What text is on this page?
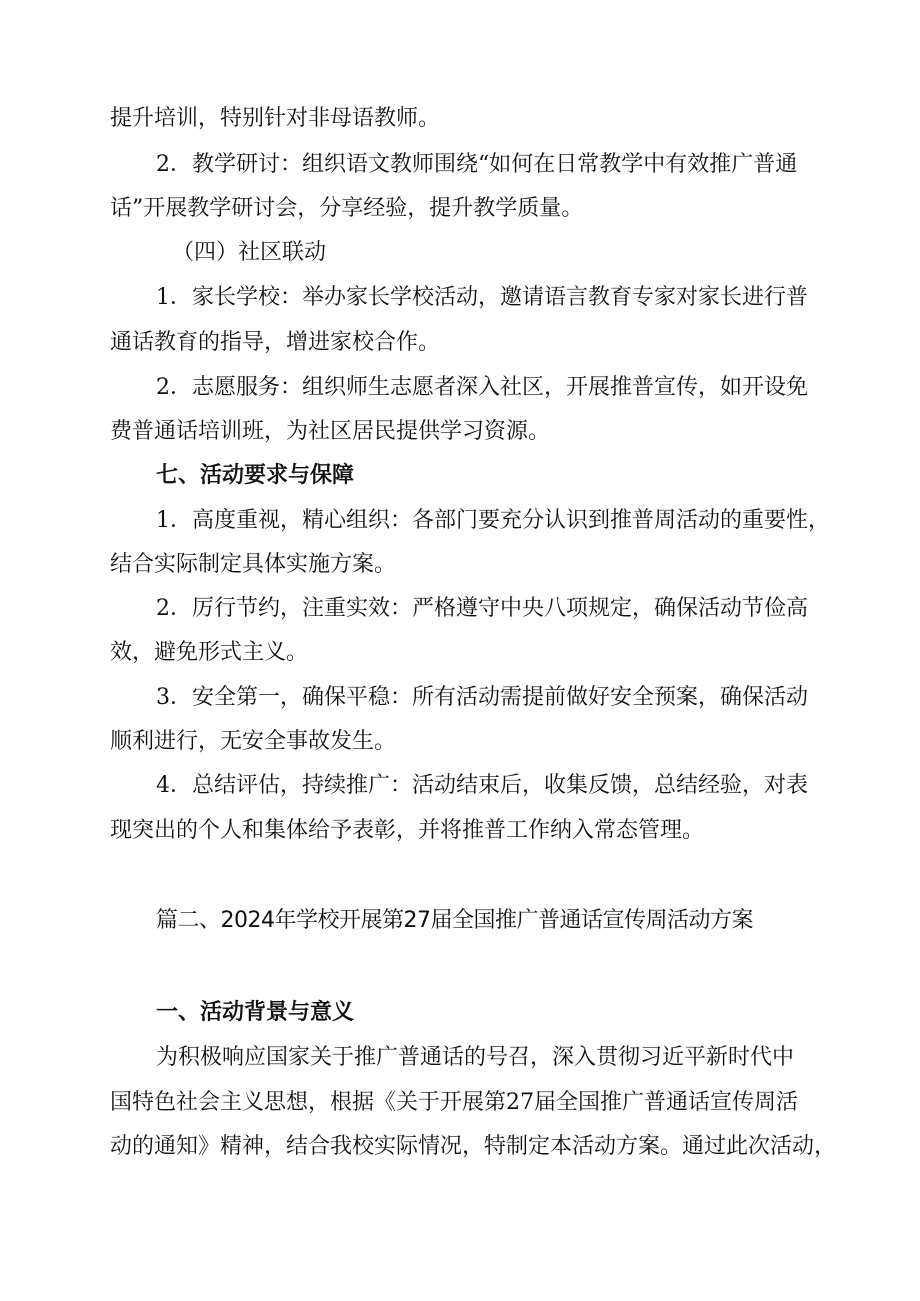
提升培训，特别针对非母语教师。
2．教学研讨：组织语文教师围绕“如何在日常教学中有效推广普通
话”开展教学研讨会，分享经验，提升教学质量。
（四）社区联动
1．家长学校：举办家长学校活动，邀请语言教育专家对家长进行普
通话教育的指导，增进家校合作。
2．志愿服务：组织师生志愿者深入社区，开展推普宣传，如开设免
费普通话培训班，为社区居民提供学习资源。
七、活动要求与保障
1．高度重视，精心组织：各部门要充分认识到推普周活动的重要性，
结合实际制定具体实施方案。
2．厉行节约，注重实效：严格遵守中央八项规定，确保活动节俭高
效，避免形式主义。
3．安全第一，确保平稳：所有活动需提前做好安全预案，确保活动
顺利进行，无安全事故发生。
4．总结评估，持续推广：活动结束后，收集反馈，总结经验，对表
现突出的个人和集体给予表彰，并将推普工作纳入常态管理。
篇二、2024年学校开展第27届全国推广普通话宣传周活动方案
一、活动背景与意义
为积极响应国家关于推广普通话的号召，深入贯彻习近平新时代中
国特色社会主义思想，根据《关于开展第27届全国推广普通话宣传周活
动的通知》精神，结合我校实际情况，特制定本活动方案。通过此次活动，
